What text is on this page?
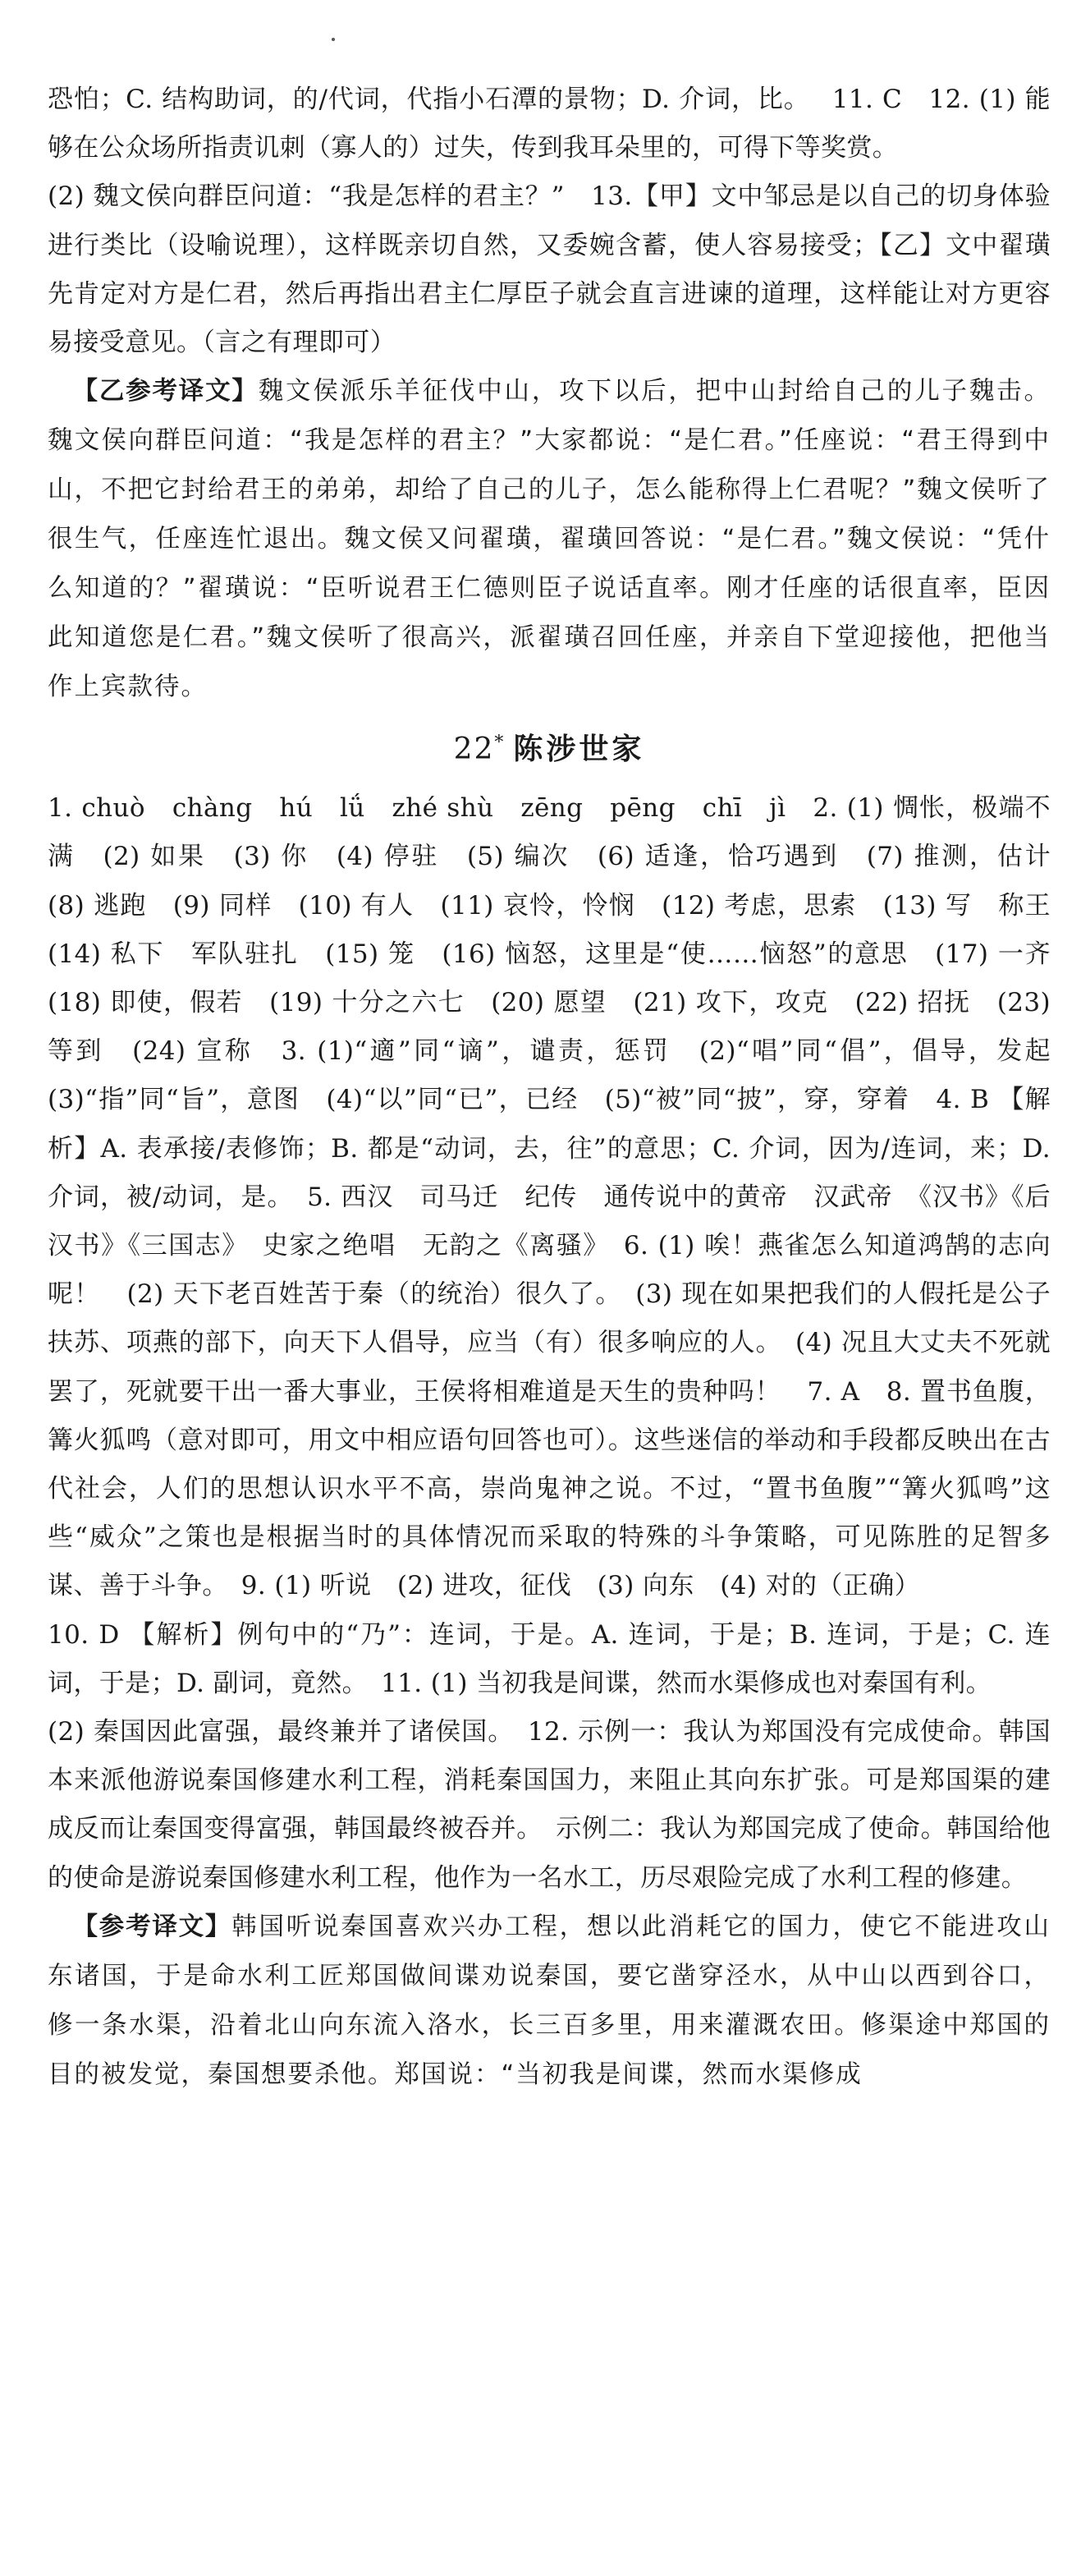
恐怕；C. 结构助词，的/代词，代指小石潭的景物；D. 介词，比。　 11. C　12. (1) 能够在公众场所指责讥刺（寡人的）过失，传到我耳朵里的，可得下等奖赏。

(2) 魏文侯向群臣问道：“我是怎样的君主？”　13.【甲】文中邹忌是以自己的切身体验进行类比（设喻说理），这样既亲切自然，又委婉含蓄，使人容易接受；【乙】文中翟璜先肯定对方是仁君，然后再指出君主仁厚臣子就会直言进谏的道理，这样能让对方更容易接受意见。（言之有理即可）

【乙参考译文】魏文侯派乐羊征伐中山，攻下以后，把中山封给自己的儿子魏击。魏文侯向群臣问道：“我是怎样的君主？”大家都说：“是仁君。”任座说：“君王得到中山，不把它封给君王的弟弟，却给了自己的儿子，怎么能称得上仁君呢？”魏文侯听了很生气，任座连忙退出。魏文侯又问翟璜，翟璜回答说：“是仁君。”魏文侯说：“凭什么知道的？”翟璜说：“臣听说君王仁德则臣子说话直率。刚才任座的话很直率，臣因此知道您是仁君。”魏文侯听了很高兴，派翟璜召回任座，并亲自下堂迎接他，把他当作上宾款待。

22* 陈涉世家

1. chuò　chàng　hú　lǘ　zhé shù　zēng　pēng　chī　jì　2. (1) 惆怅，极端不满　(2) 如果　(3) 你　(4) 停驻　(5) 编次　(6) 适逢，恰巧遇到　(7) 推测，估计　(8) 逃跑　(9) 同样　(10) 有人　(11) 哀怜，怜悯　(12) 考虑，思索　(13) 写　称王　(14) 私下　军队驻扎　(15) 笼　(16) 恼怒，这里是“使……恼怒”的意思　(17) 一齐　(18) 即使，假若　(19) 十分之六七　(20) 愿望　(21) 攻下，攻克　(22) 招抚　(23) 等到　(24) 宣称　3. (1)“適”同“谪”，谴责，惩罚　(2)“唱”同“倡”，倡导，发起　(3)“指”同“旨”，意图　(4)“以”同“已”，已经　(5)“被”同“披”，穿，穿着　4. B 【解析】A. 表承接/表修饰；B. 都是“动词，去，往”的意思；C. 介词，因为/连词，来；D. 介词，被/动词，是。　5. 西汉　司马迁　纪传　通传说中的黄帝　汉武帝　《汉书》《后汉书》《三国志》　史家之绝唱　无韵之《离骚》　6. (1) 唉！燕雀怎么知道鸿鹄的志向呢！　(2) 天下老百姓苦于秦（的统治）很久了。　(3) 现在如果把我们的人假托是公子扶苏、项燕的部下，向天下人倡导，应当（有）很多响应的人。　(4) 况且大丈夫不死就罢了，死就要干出一番大事业，王侯将相难道是天生的贵种吗！　7. A　8. 置书鱼腹，篝火狐鸣（意对即可，用文中相应语句回答也可）。这些迷信的举动和手段都反映出在古代社会，人们的思想认识水平不高，崇尚鬼神之说。不过，“置书鱼腹”“篝火狐鸣”这些“威众”之策也是根据当时的具体情况而采取的特殊的斗争策略，可见陈胜的足智多谋、善于斗争。　9. (1) 听说　(2) 进攻，征伐　(3) 向东　(4) 对的（正确）

10. D 【解析】例句中的“乃”：连词，于是。A. 连词，于是；B. 连词，于是；C. 连词，于是；D. 副词，竟然。　11. (1) 当初我是间谍，然而水渠修成也对秦国有利。

(2) 秦国因此富强，最终兼并了诸侯国。　12. 示例一：我认为郑国没有完成使命。韩国本来派他游说秦国修建水利工程，消耗秦国国力，来阻止其向东扩张。可是郑国渠的建成反而让秦国变得富强，韩国最终被吞并。　示例二：我认为郑国完成了使命。韩国给他的使命是游说秦国修建水利工程，他作为一名水工，历尽艰险完成了水利工程的修建。

【参考译文】韩国听说秦国喜欢兴办工程，想以此消耗它的国力，使它不能进攻山东诸国，于是命水利工匠郑国做间谍劝说秦国，要它凿穿泾水，从中山以西到谷口，修一条水渠，沿着北山向东流入洛水，长三百多里，用来灌溉农田。修渠途中郑国的目的被发觉，秦国想要杀他。郑国说：“当初我是间谍，然而水渠修成
